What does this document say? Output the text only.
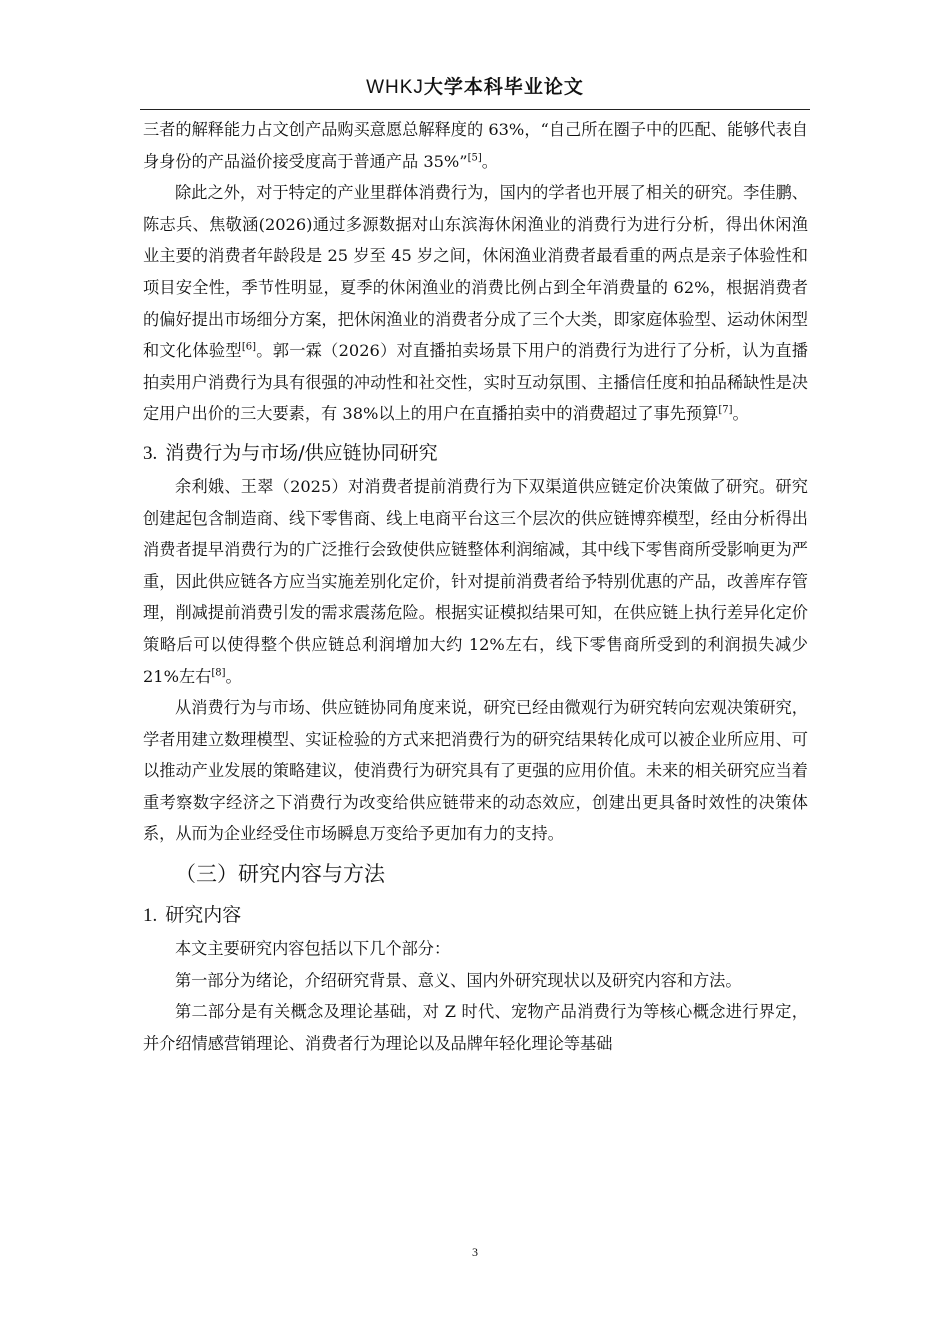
WHKJ大学本科毕业论文

三者的解释能力占文创产品购买意愿总解释度的 63%，“自己所在圈子中的匹配、能够代表自身身份的产品溢价接受度高于普通产品 35%”[5]。

除此之外，对于特定的产业里群体消费行为，国内的学者也开展了相关的研究。李佳鹏、陈志兵、焦敬涵(2026)通过多源数据对山东滨海休闲渔业的消费行为进行分析，得出休闲渔业主要的消费者年龄段是 25 岁至 45 岁之间，休闲渔业消费者最看重的两点是亲子体验性和项目安全性，季节性明显，夏季的休闲渔业的消费比例占到全年消费量的 62%，根据消费者的偏好提出市场细分方案，把休闲渔业的消费者分成了三个大类，即家庭体验型、运动休闲型和文化体验型[6]。郭一霖（2026）对直播拍卖场景下用户的消费行为进行了分析，认为直播拍卖用户消费行为具有很强的冲动性和社交性，实时互动氛围、主播信任度和拍品稀缺性是决定用户出价的三大要素，有 38%以上的用户在直播拍卖中的消费超过了事先预算[7]。

3. 消费行为与市场/供应链协同研究

余利娥、王翠（2025）对消费者提前消费行为下双渠道供应链定价决策做了研究。研究创建起包含制造商、线下零售商、线上电商平台这三个层次的供应链博弈模型，经由分析得出消费者提早消费行为的广泛推行会致使供应链整体利润缩减，其中线下零售商所受影响更为严重，因此供应链各方应当实施差别化定价，针对提前消费者给予特别优惠的产品，改善库存管理，削减提前消费引发的需求震荡危险。根据实证模拟结果可知，在供应链上执行差异化定价策略后可以使得整个供应链总利润增加大约 12%左右，线下零售商所受到的利润损失减少 21%左右[8]。

从消费行为与市场、供应链协同角度来说，研究已经由微观行为研究转向宏观决策研究，学者用建立数理模型、实证检验的方式来把消费行为的研究结果转化成可以被企业所应用、可以推动产业发展的策略建议，使消费行为研究具有了更强的应用价值。未来的相关研究应当着重考察数字经济之下消费行为改变给供应链带来的动态效应，创建出更具备时效性的决策体系，从而为企业经受住市场瞬息万变给予更加有力的支持。

（三）研究内容与方法
1. 研究内容

本文主要研究内容包括以下几个部分：

第一部分为绪论，介绍研究背景、意义、国内外研究现状以及研究内容和方法。

第二部分是有关概念及理论基础，对 Z 时代、宠物产品消费行为等核心概念进行界定，并介绍情感营销理论、消费者行为理论以及品牌年轻化理论等基础

3
